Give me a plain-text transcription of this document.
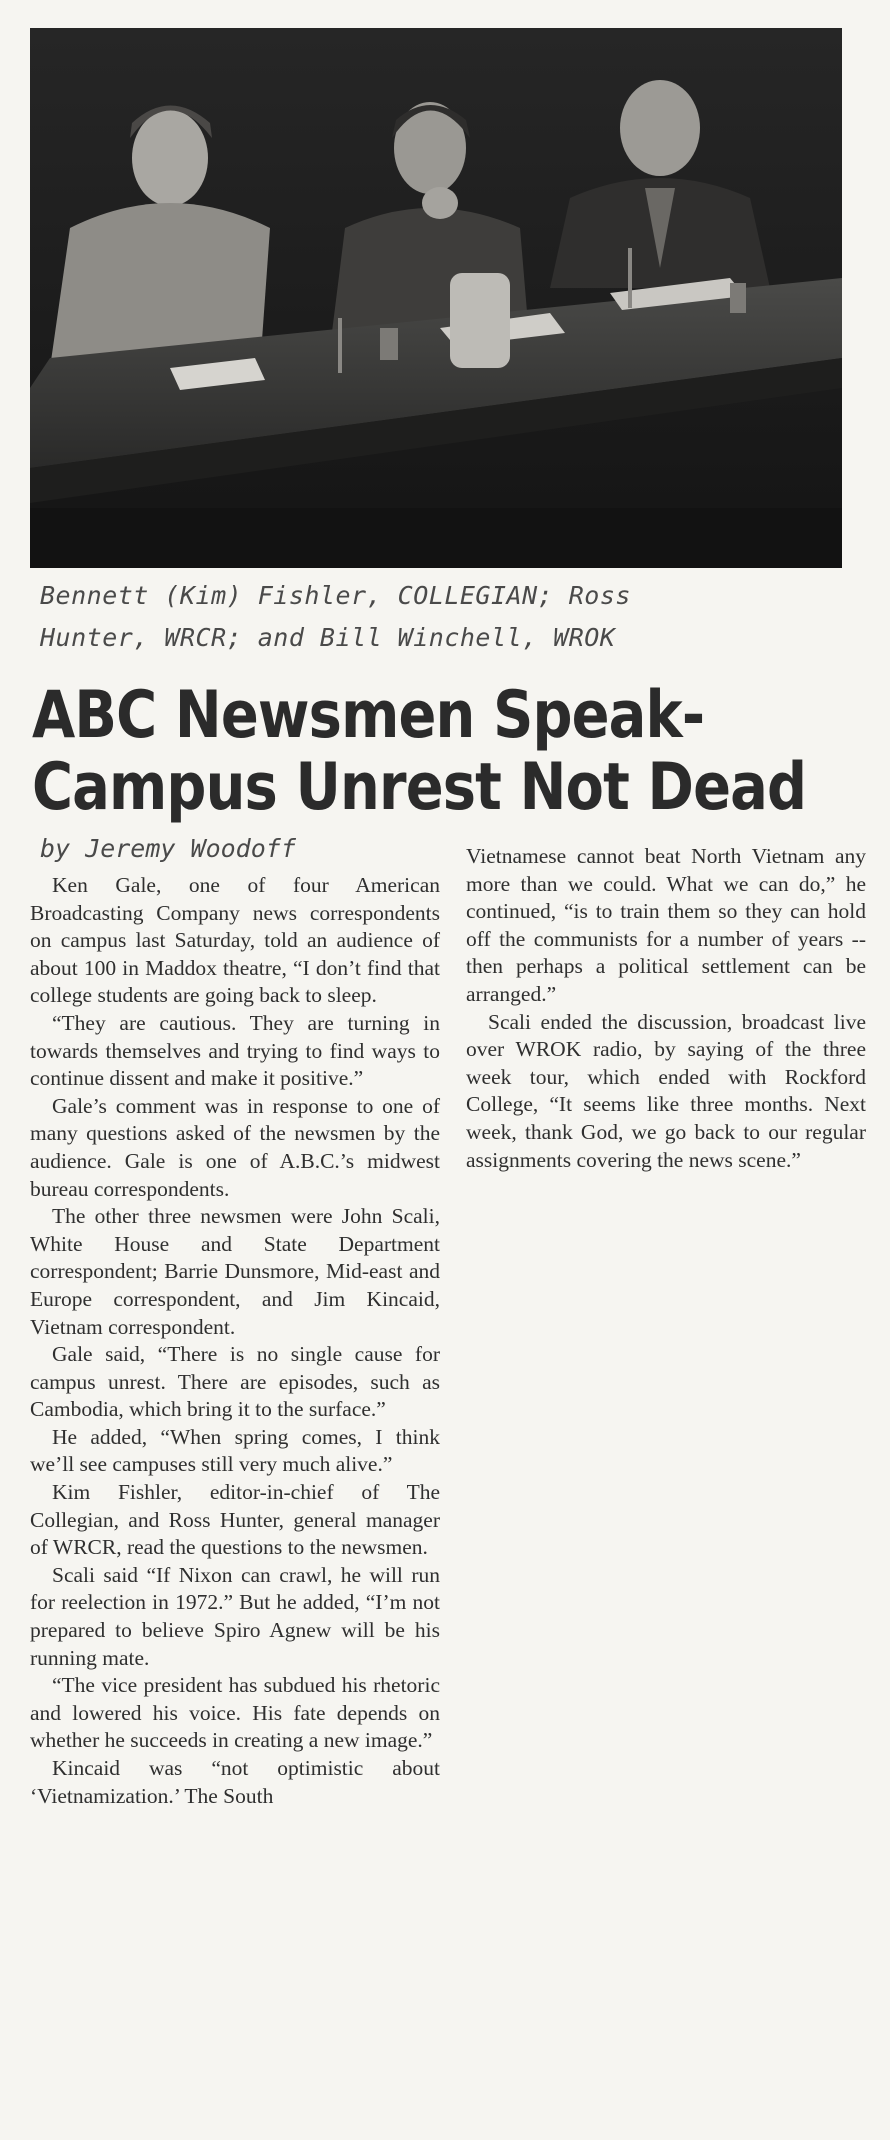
Bennett (Kim) Fishler, COLLEGIAN; Ross
Hunter, WRCR; and Bill Winchell, WROK
ABC Newsmen Speak-
Campus Unrest Not Dead
by Jeremy Woodoff

Ken Gale, one of four American Broadcasting Company news correspondents on campus last Saturday, told an audience of about 100 in Maddox theatre, “I don’t find that college students are going back to sleep.

“They are cautious. They are turning in towards themselves and trying to find ways to continue dissent and make it positive.”

Gale’s comment was in response to one of many questions asked of the newsmen by the audience. Gale is one of A.B.C.’s midwest bureau correspondents.

The other three newsmen were John Scali, White House and State Department correspondent; Barrie Dunsmore, Mid-east and Europe correspondent, and Jim Kincaid, Vietnam correspondent.

Gale said, “There is no single cause for campus unrest. There are episodes, such as Cambodia, which bring it to the surface.”

He added, “When spring comes, I think we’ll see campuses still very much alive.”

Kim Fishler, editor-in-chief of The Collegian, and Ross Hunter, general manager of WRCR, read the questions to the newsmen.

Scali said “If Nixon can crawl, he will run for reelection in 1972.” But he added, “I’m not prepared to believe Spiro Agnew will be his running mate.

“The vice president has subdued his rhetoric and lowered his voice. His fate depends on whether he succeeds in creating a new image.”

Kincaid was “not optimistic about ‘Vietnamization.’ The South

Vietnamese cannot beat North Vietnam any more than we could. What we can do,” he continued, “is to train them so they can hold off the communists for a number of years -- then perhaps a political settlement can be arranged.”

Scali ended the discussion, broadcast live over WROK radio, by saying of the three week tour, which ended with Rockford College, “It seems like three months. Next week, thank God, we go back to our regular assignments covering the news scene.”
